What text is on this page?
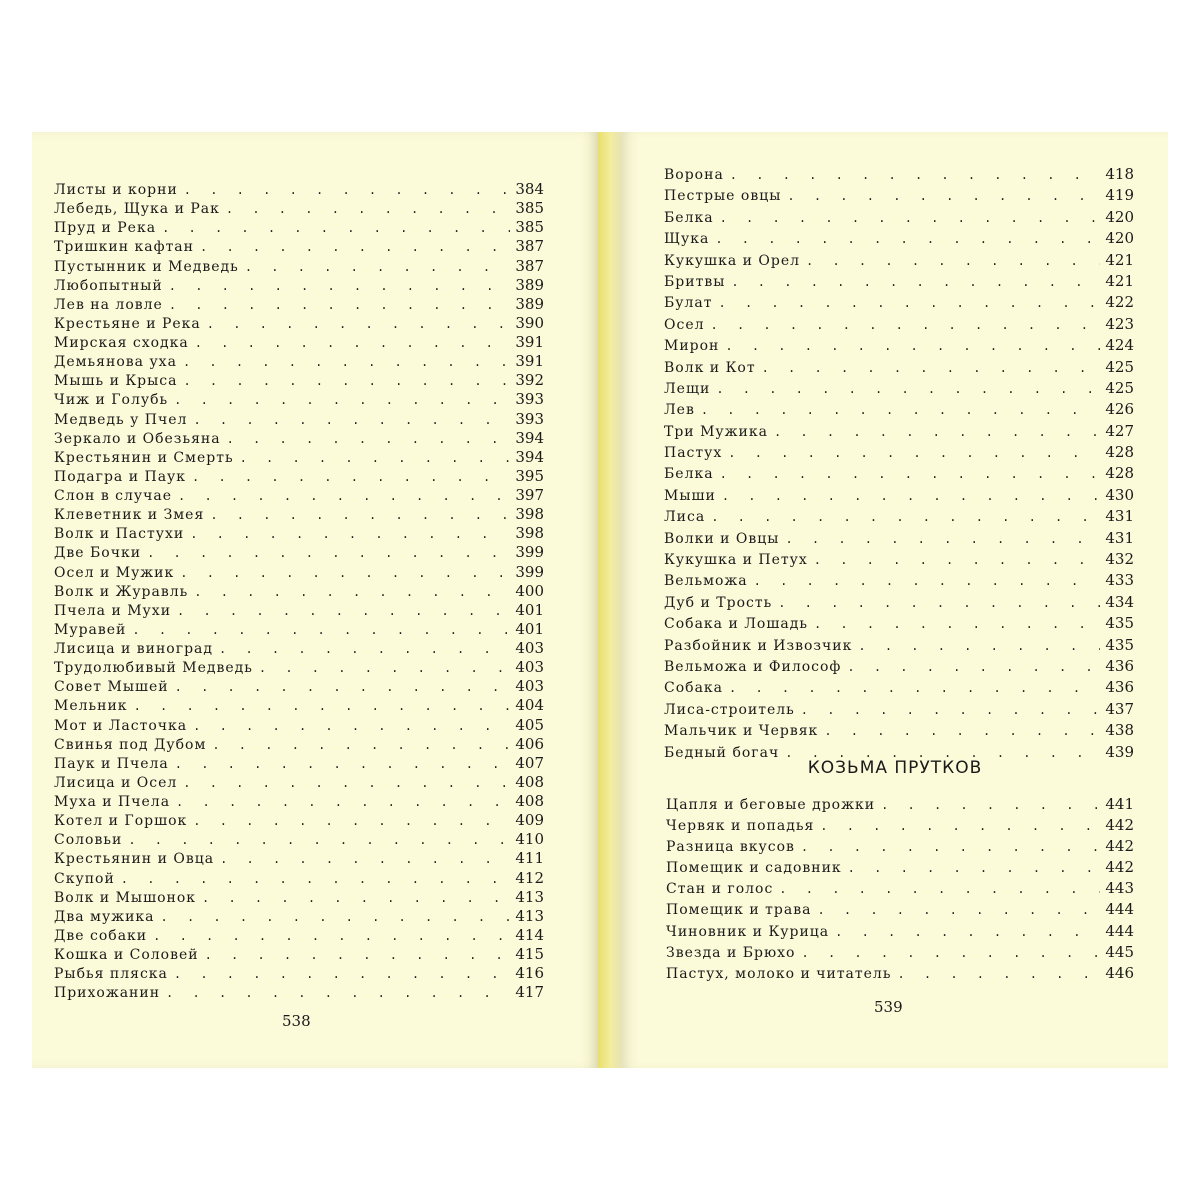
Листы и корни . . .	384
Лебедь, Щука и Рак . . .	385
Пруд и Река . . .	385
Тришкин кафтан . . .	387
Пустынник и Медведь . . .	387
Любопытный . . .	389
Лев на ловле . . .	389
Крестьяне и Река . . .	390
Мирская сходка . . .	391
Демьянова уха . . .	391
Мышь и Крыса . . .	392
Чиж и Голубь . . .	393
Медведь у Пчел . . .	393
Зеркало и Обезьяна . . .	394
Крестьянин и Смерть . . .	394
Подагра и Паук . . .	395
Слон в случае . . .	397
Клеветник и Змея . . .	398
Волк и Пастухи . . .	398
Две Бочки . . .	399
Осел и Мужик . . .	399
Волк и Журавль . . .	400
Пчела и Мухи . . .	401
Муравей . . .	401
Лисица и виноград . . .	403
Трудолюбивый Медведь . . .	403
Совет Мышей . . .	403
Мельник . . .	404
Мот и Ласточка . . .	405
Свинья под Дубом . . .	406
Паук и Пчела . . .	407
Лисица и Осел . . .	408
Муха и Пчела . . .	408
Котел и Горшок . . .	409
Соловьи . . .	410
Крестьянин и Овца . . .	411
Скупой . . .	412
Волк и Мышонок . . .	413
Два мужика . . .	413
Две собаки . . .	414
Кошка и Соловей . . .	415
Рыбья пляска . . .	416
Прихожанин . . .	417
538
Ворона . . .	418
Пестрые овцы . . .	419
Белка . . .	420
Щука . . .	420
Кукушка и Орел . . .	421
Бритвы . . .	421
Булат . . .	422
Осел . . .	423
Мирон . . .	424
Волк и Кот . . .	425
Лещи . . .	425
Лев . . .	426
Три Мужика . . .	427
Пастух . . .	428
Белка . . .	428
Мыши . . .	430
Лиса . . .	431
Волки и Овцы . . .	431
Кукушка и Петух . . .	432
Вельможа . . .	433
Дуб и Трость . . .	434
Собака и Лошадь . . .	435
Разбойник и Извозчик . . .	435
Вельможа и Философ . . .	436
Собака . . .	436
Лиса-строитель . . .	437
Мальчик и Червяк . . .	438
Бедный богач . . .	439
КОЗЬМА ПРУТКОВ
Цапля и беговые дрожки . . .	441
Червяк и попадья . . .	442
Разница вкусов . . .	442
Помещик и садовник . . .	442
Стан и голос . . .	443
Помещик и трава . . .	444
Чиновник и Курица . . .	444
Звезда и Брюхо . . .	445
Пастух, молоко и читатель . . .	446
539
